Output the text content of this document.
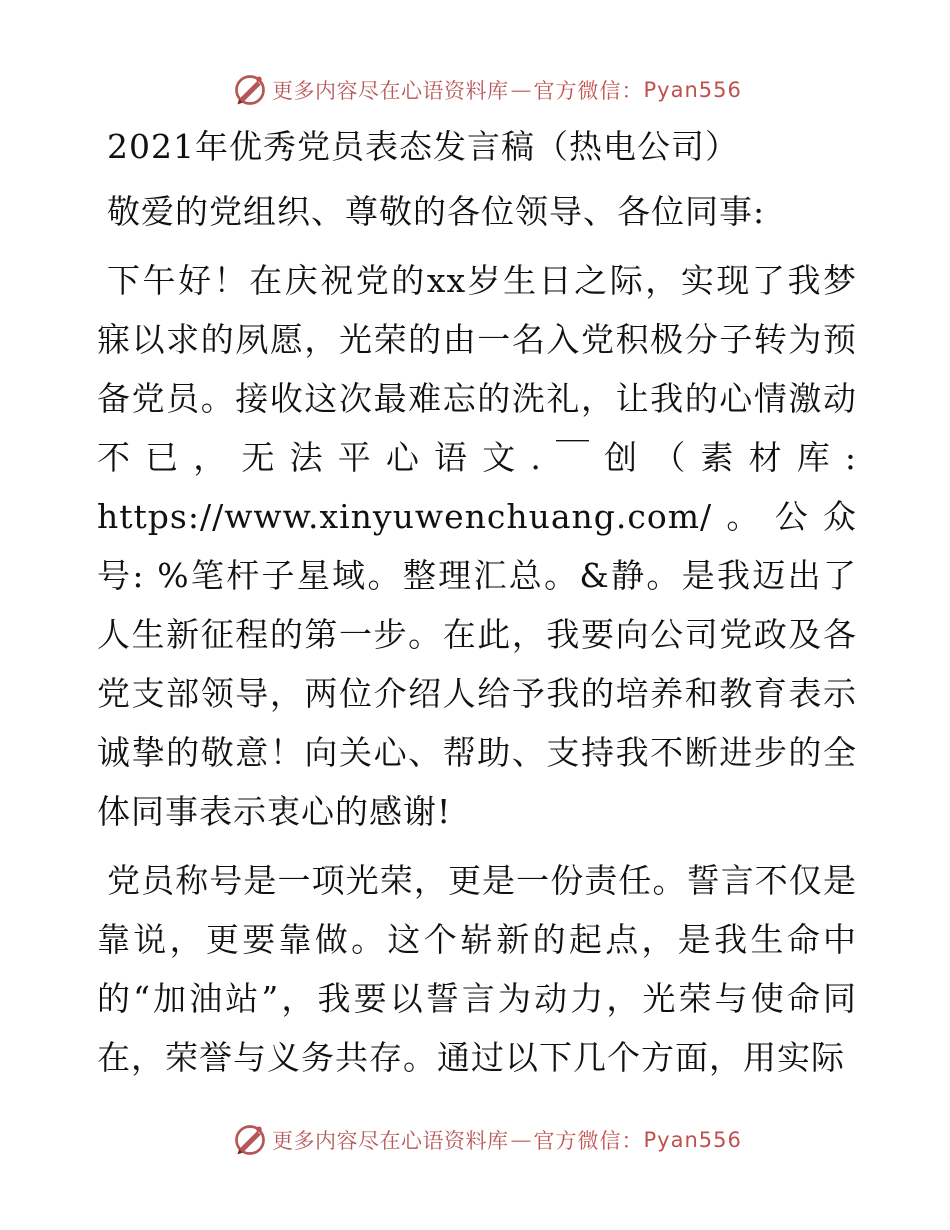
更多内容尽在心语资料库 — 官方微信： Pyan556
2021年优秀党员表态发言稿（热电公司）

敬爱的党组织、尊敬的各位领导、各位同事:

下午好！在庆祝党的xx岁生日之际，实现了我梦寐以求的夙愿，光荣的由一名入党积极分子转为预备党员。接收这次最难忘的洗礼，让我的心情激动不已，无法平心语文.￣创（素材库: https://www.xinyuwenchuang.com/。公众号: %笔杆子星域。整理汇总。&静。是我迈出了人生新征程的第一步。在此，我要向公司党政及各党支部领导，两位介绍人给予我的培养和教育表示诚挚的敬意！向关心、帮助、支持我不断进步的全体同事表示衷心的感谢!

党员称号是一项光荣，更是一份责任。誓言不仅是靠说，更要靠做。这个崭新的起点，是我生命中的“加油站”，我要以誓言为动力，光荣与使命同在，荣誉与义务共存。通过以下几个方面，用实际

更多内容尽在心语资料库 — 官方微信： Pyan556
